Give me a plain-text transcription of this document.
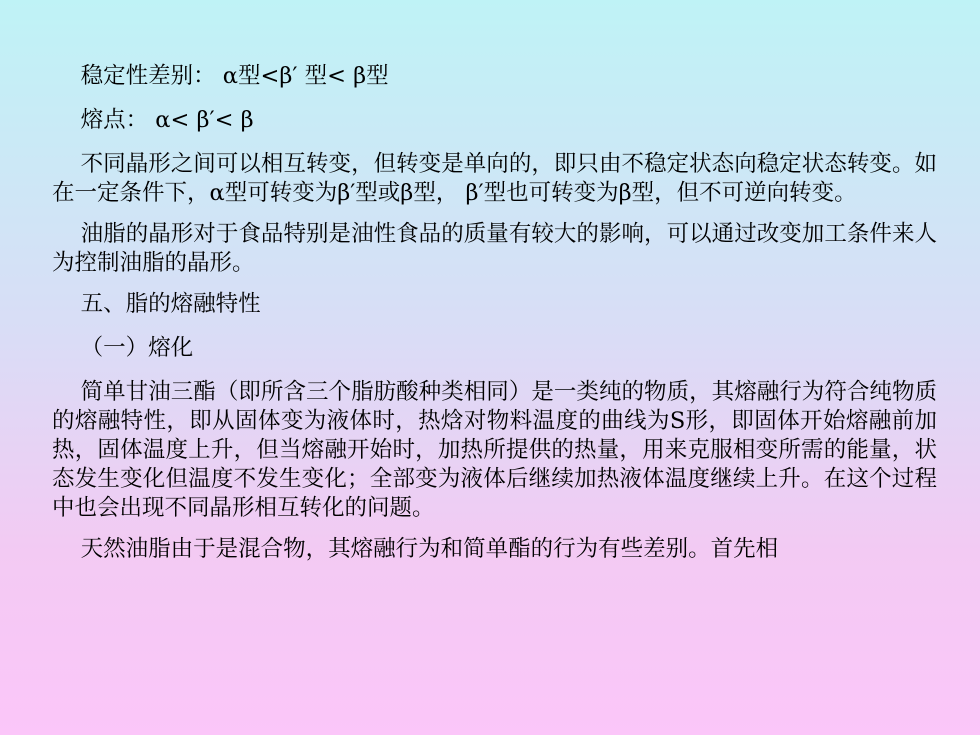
稳定性差别： α型<β′ 型< β型

熔点： α< β′< β

不同晶形之间可以相互转变，但转变是单向的，即只由不稳定状态向稳定状态转变。如在一定条件下，α型可转变为β′型或β型， β′型也可转变为β型，但不可逆向转变。

油脂的晶形对于食品特别是油性食品的质量有较大的影响，可以通过改变加工条件来人为控制油脂的晶形。

五、脂的熔融特性

（一）熔化

简单甘油三酯（即所含三个脂肪酸种类相同）是一类纯的物质，其熔融行为符合纯物质的熔融特性，即从固体变为液体时，热焓对物料温度的曲线为S形，即固体开始熔融前加热，固体温度上升，但当熔融开始时，加热所提供的热量，用来克服相变所需的能量，状态发生变化但温度不发生变化；全部变为液体后继续加热液体温度继续上升。在这个过程中也会出现不同晶形相互转化的问题。

天然油脂由于是混合物，其熔融行为和简单酯的行为有些差别。首先相
